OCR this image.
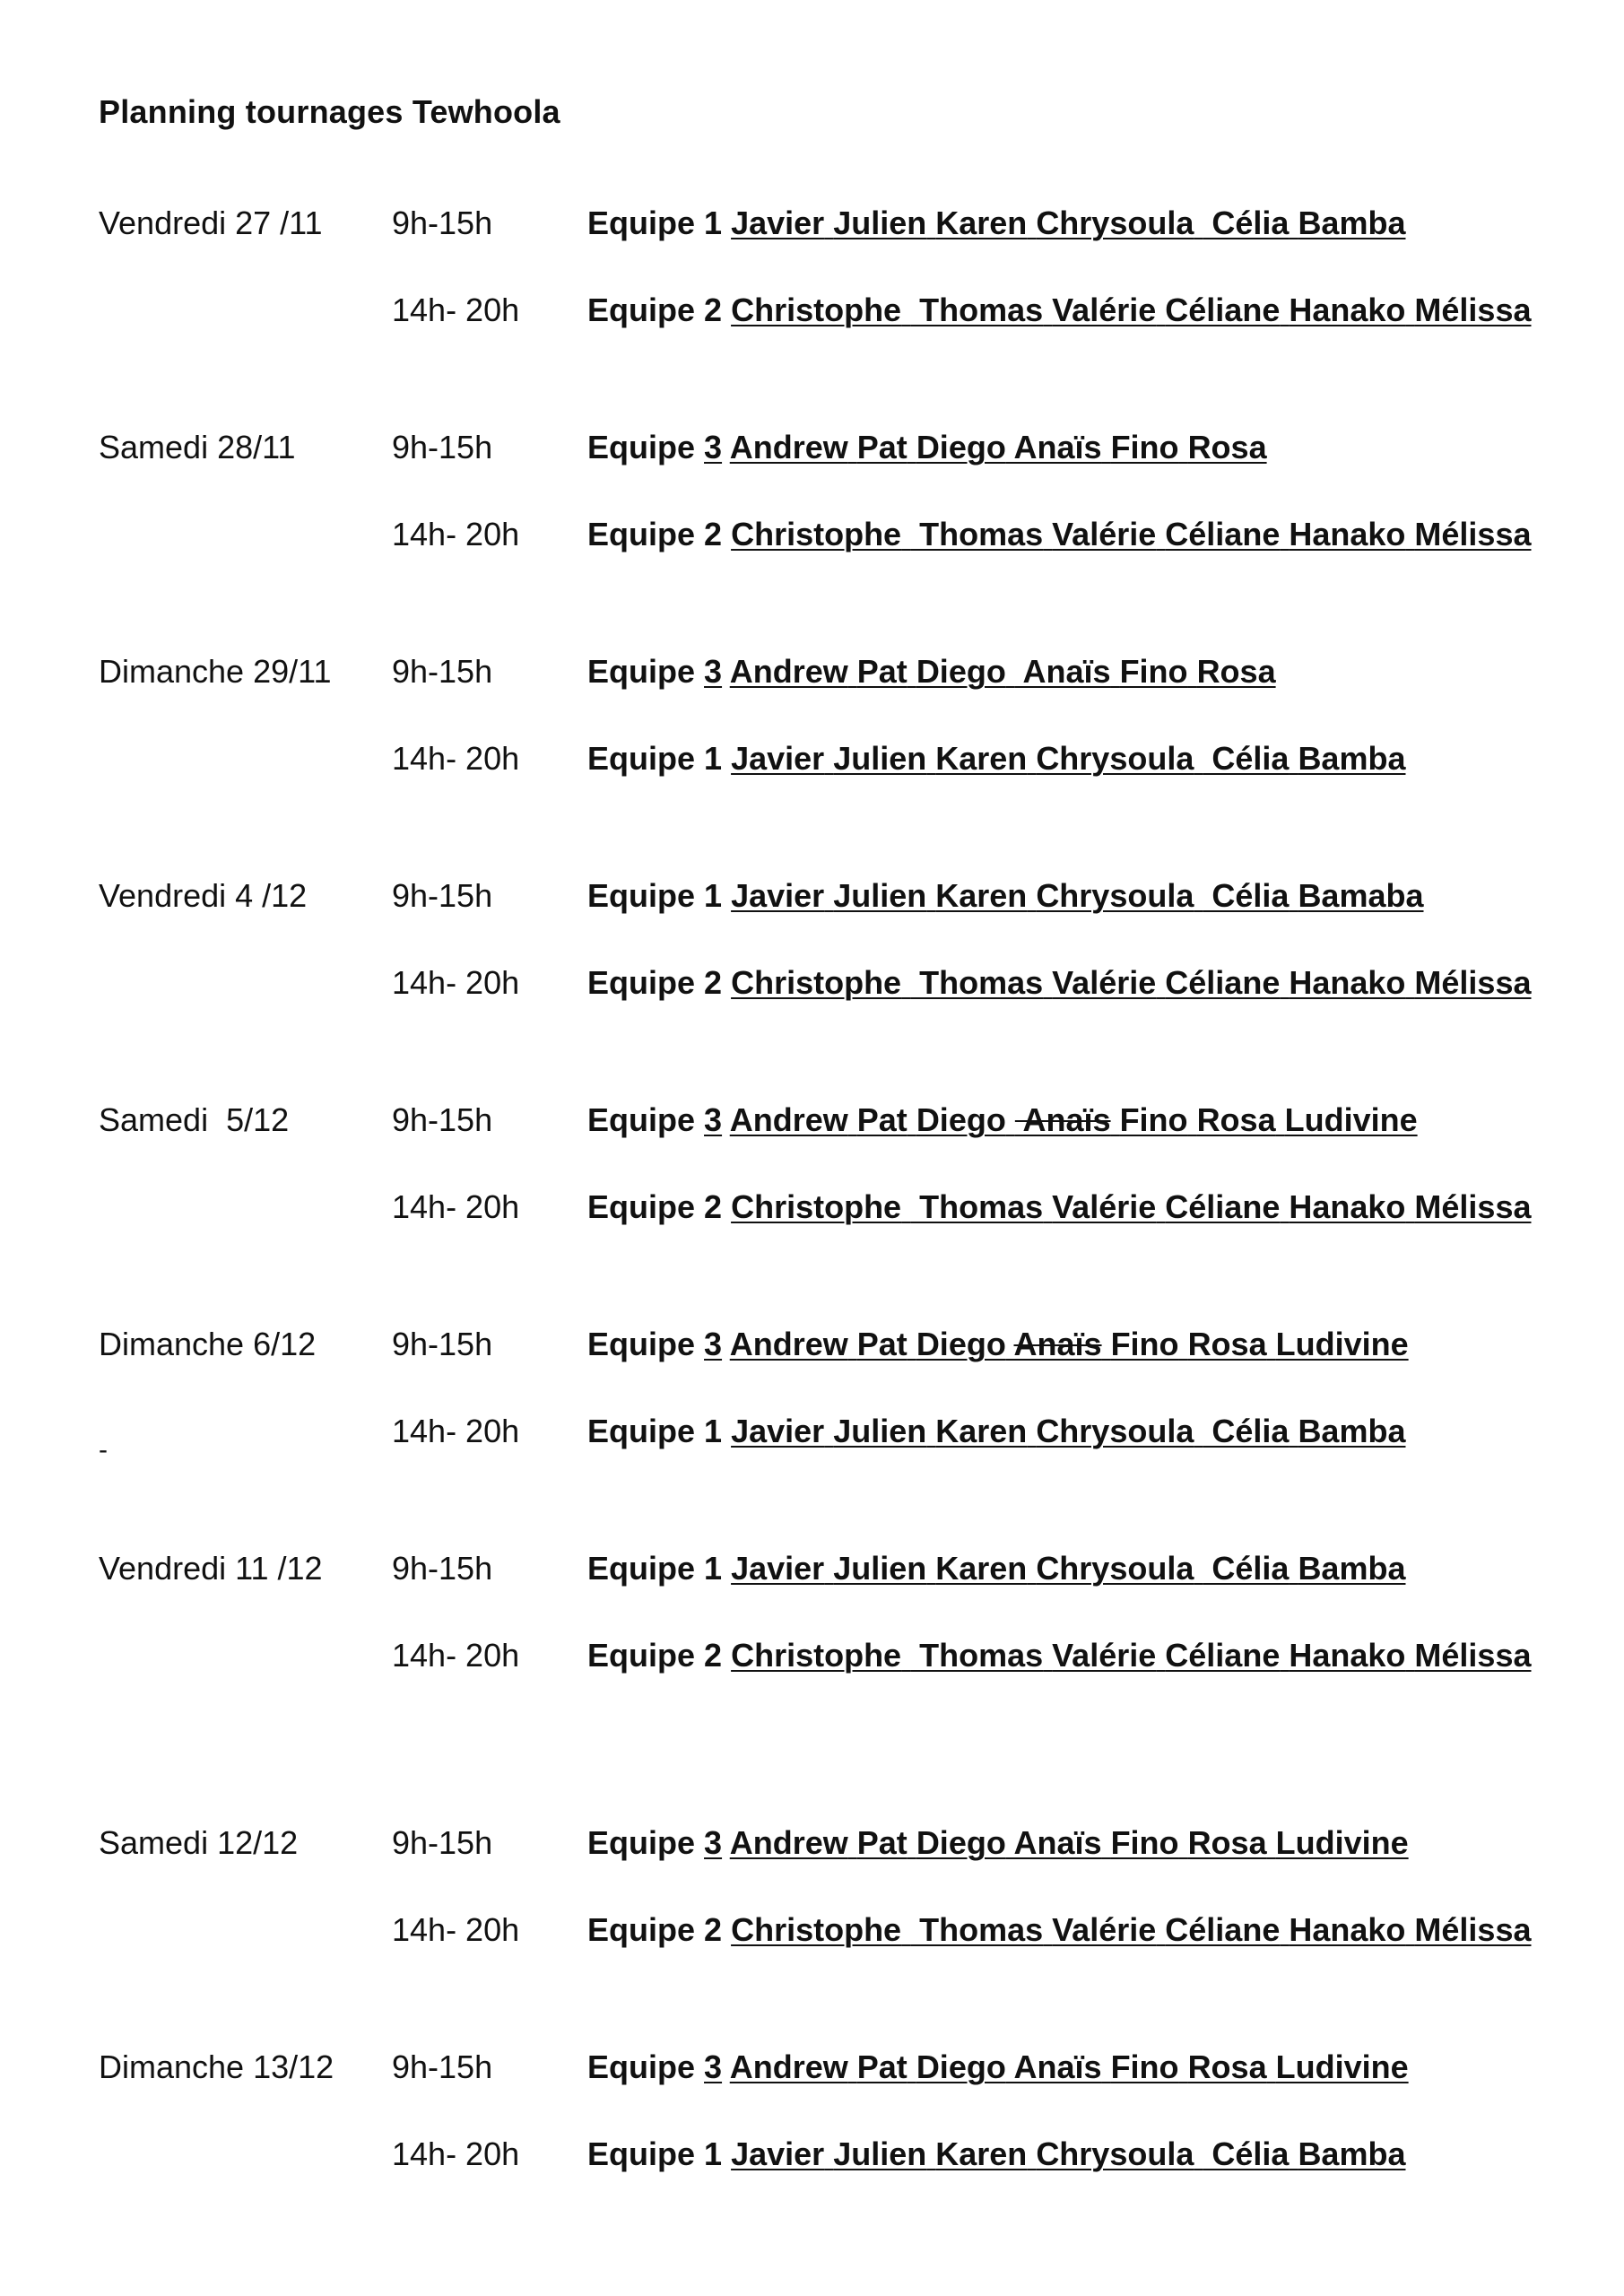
Planning tournages Tewhoola
-
Vendredi 27 /11 9h-15h	Equipe 1 Javier Julien Karen Chrysoula  Célia Bamba
14h- 20h Equipe 2 Christophe  Thomas Valérie Céliane Hanako Mélissa
Samedi 28/11	9h-15h	Equipe 3 Andrew Pat Diego Anaïs Fino Rosa
14h- 20h Equipe 2 Christophe  Thomas Valérie Céliane Hanako Mélissa
Dimanche 29/11 9h-15h	Equipe 3 Andrew Pat Diego  Anaïs Fino Rosa
14h- 20h Equipe 1 Javier Julien Karen Chrysoula  Célia Bamba
Vendredi 4 /12	9h-15h	Equipe 1 Javier Julien Karen Chrysoula  Célia Bamaba
14h- 20h Equipe 2 Christophe  Thomas Valérie Céliane Hanako Mélissa
Samedi  5/12	9h-15h	Equipe 3 Andrew Pat Diego  Anaïs Fino Rosa Ludivine
14h- 20h Equipe 2 Christophe  Thomas Valérie Céliane Hanako Mélissa
Dimanche 6/12 9h-15h	Equipe 3 Andrew Pat Diego Anaïs Fino Rosa Ludivine
14h- 20h Equipe 1 Javier Julien Karen Chrysoula  Célia Bamba
Vendredi 11 /12 9h-15h	Equipe 1 Javier Julien Karen Chrysoula  Célia Bamba
14h- 20h Equipe 2 Christophe  Thomas Valérie Céliane Hanako Mélissa
Samedi 12/12	9h-15h	Equipe 3 Andrew Pat Diego Anaïs Fino Rosa Ludivine
14h- 20h Equipe 2 Christophe  Thomas Valérie Céliane Hanako Mélissa
Dimanche 13/12 9h-15h	Equipe 3 Andrew Pat Diego Anaïs Fino Rosa Ludivine
14h- 20h Equipe 1 Javier Julien Karen Chrysoula  Célia Bamba
